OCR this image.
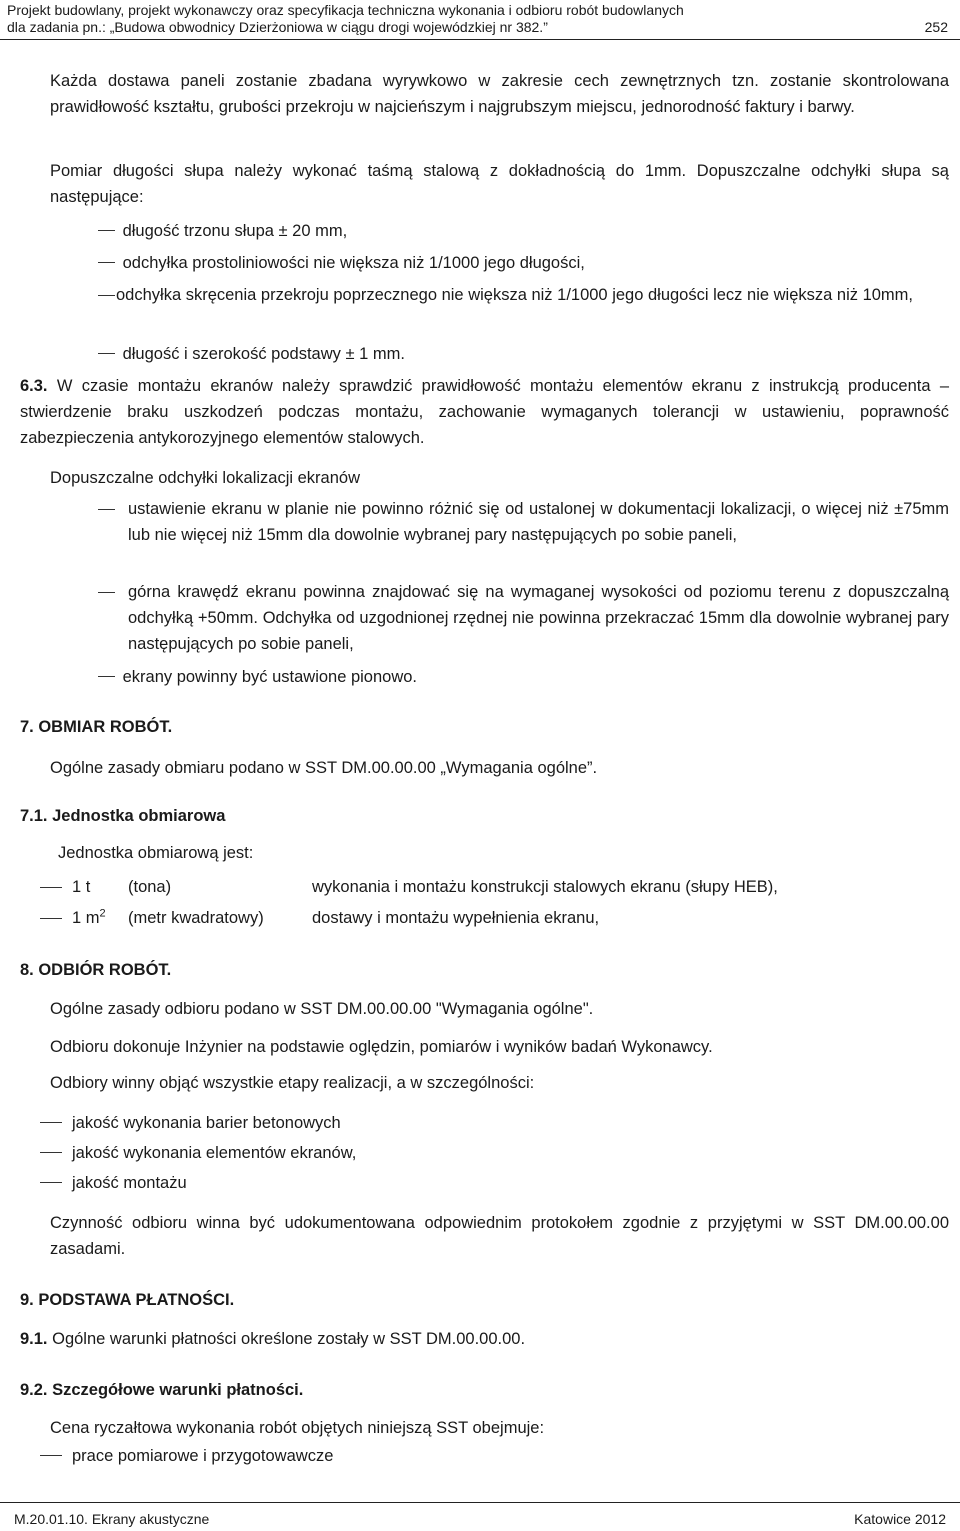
Projekt budowlany, projekt wykonawczy oraz specyfikacja techniczna wykonania i odbioru robót budowlanych
dla zadania pn.: „Budowa obwodnicy Dzierżoniowa w ciągu drogi wojewódzkiej nr 382.”	252
Każda dostawa paneli zostanie zbadana wyrywkowo w zakresie cech zewnętrznych tzn. zostanie skontrolowana prawidłowość kształtu, grubości przekroju w najcieńszym i najgrubszym miejscu, jednorodność faktury i barwy.
Pomiar długości słupa należy wykonać taśmą stalową z dokładnością do 1mm. Dopuszczalne odchyłki słupa są następujące:
długość trzonu słupa ± 20 mm,
odchyłka prostoliniowości nie większa niż 1/1000 jego długości,
odchyłka skręcenia przekroju poprzecznego nie większa niż 1/1000 jego długości lecz nie większa niż 10mm,
długość i szerokość podstawy ± 1 mm.
6.3. W czasie montażu ekranów należy sprawdzić prawidłowość montażu elementów ekranu z instrukcją producenta – stwierdzenie braku uszkodzeń podczas montażu, zachowanie wymaganych tolerancji w ustawieniu, poprawność zabezpieczenia antykorozyjnego elementów stalowych.
Dopuszczalne odchyłki lokalizacji ekranów
ustawienie ekranu w planie nie powinno różnić się od ustalonej w dokumentacji lokalizacji, o więcej niż ±75mm lub nie więcej niż 15mm dla dowolnie wybranej pary następujących po sobie paneli,
górna krawędź ekranu powinna znajdować się na wymaganej wysokości od poziomu terenu z dopuszczalną odchyłką +50mm. Odchyłka od uzgodnionej rzędnej nie powinna przekraczać 15mm dla dowolnie wybranej pary następujących po sobie paneli,
ekrany powinny być ustawione pionowo.
7. OBMIAR ROBÓT.
Ogólne zasady obmiaru podano w SST DM.00.00.00 „Wymagania ogólne”.
7.1. Jednostka obmiarowa
Jednostka obmiarową jest:
1 t (tona)	wykonania i montażu konstrukcji stalowych ekranu (słupy HEB),
1 $m^2$ (metr kwadratowy)	dostawy i montażu wypełnienia ekranu,
8. ODBIÓR ROBÓT.
Ogólne zasady odbioru podano w SST DM.00.00.00 "Wymagania ogólne".
Odbioru dokonuje Inżynier na podstawie oględzin, pomiarów i wyników badań Wykonawcy.
Odbiory winny objąć wszystkie etapy realizacji, a w szczególności:
jakość wykonania barier betonowych
jakość wykonania elementów ekranów,
jakość montażu
Czynność odbioru winna być udokumentowana odpowiednim protokołem zgodnie z przyjętymi w SST DM.00.00.00 zasadami.
9. PODSTAWA PŁATNOŚCI.
9.1. Ogólne warunki płatności określone zostały w SST DM.00.00.00.
9.2. Szczegółowe warunki płatności.
Cena ryczałtowa wykonania robót objętych niniejszą SST obejmuje:
prace pomiarowe i przygotowawcze
M.20.01.10. Ekrany akustyczne	Katowice 2012
